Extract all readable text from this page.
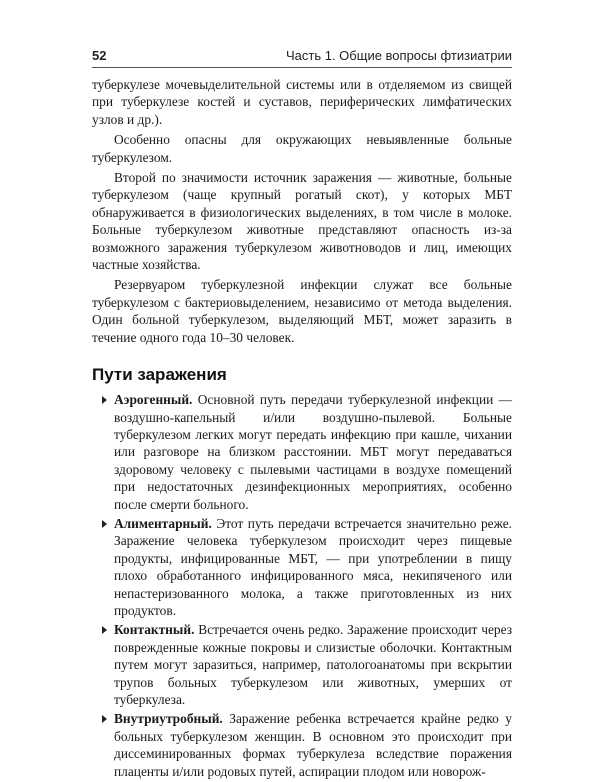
52	Часть 1. Общие вопросы фтизиатрии

туберкулезе мочевыделительной системы или в отделяемом из свищей при туберкулезе костей и суставов, периферических лимфатических узлов и др.).

Особенно опасны для окружающих невыявленные больные туберкулезом.

Второй по значимости источник заражения — животные, больные туберкулезом (чаще крупный рогатый скот), у которых МБТ обнаруживается в физиологических выделениях, в том числе в молоке. Больные туберкулезом животные представляют опасность из-за возможного заражения туберкулезом животноводов и лиц, имеющих частные хозяйства.

Резервуаром туберкулезной инфекции служат все больные туберкулезом с бактериовыделением, независимо от метода выделения. Один больной туберкулезом, выделяющий МБТ, может заразить в течение одного года 10–30 человек.

Пути заражения
Аэрогенный. Основной путь передачи туберкулезной инфекции — воздушно-капельный и/или воздушно-пылевой. Больные туберкулезом легких могут передать инфекцию при кашле, чихании или разговоре на близком расстоянии. МБТ могут передаваться здоровому человеку с пылевыми частицами в воздухе помещений при недостаточных дезинфекционных мероприятиях, особенно после смерти больного.
Алиментарный. Этот путь передачи встречается значительно реже. Заражение человека туберкулезом происходит через пищевые продукты, инфицированные МБТ, — при употреблении в пищу плохо обработанного инфицированного мяса, некипяченого или непастеризованного молока, а также приготовленных из них продуктов.
Контактный. Встречается очень редко. Заражение происходит через поврежденные кожные покровы и слизистые оболочки. Контактным путем могут заразиться, например, патологоанатомы при вскрытии трупов больных туберкулезом или животных, умерших от туберкулеза.
Внутриутробный. Заражение ребенка встречается крайне редко у больных туберкулезом женщин. В основном это происходит при диссеминированных формах туберкулеза вследствие поражения плаценты и/или родовых путей, аспирации плодом или новорож-
